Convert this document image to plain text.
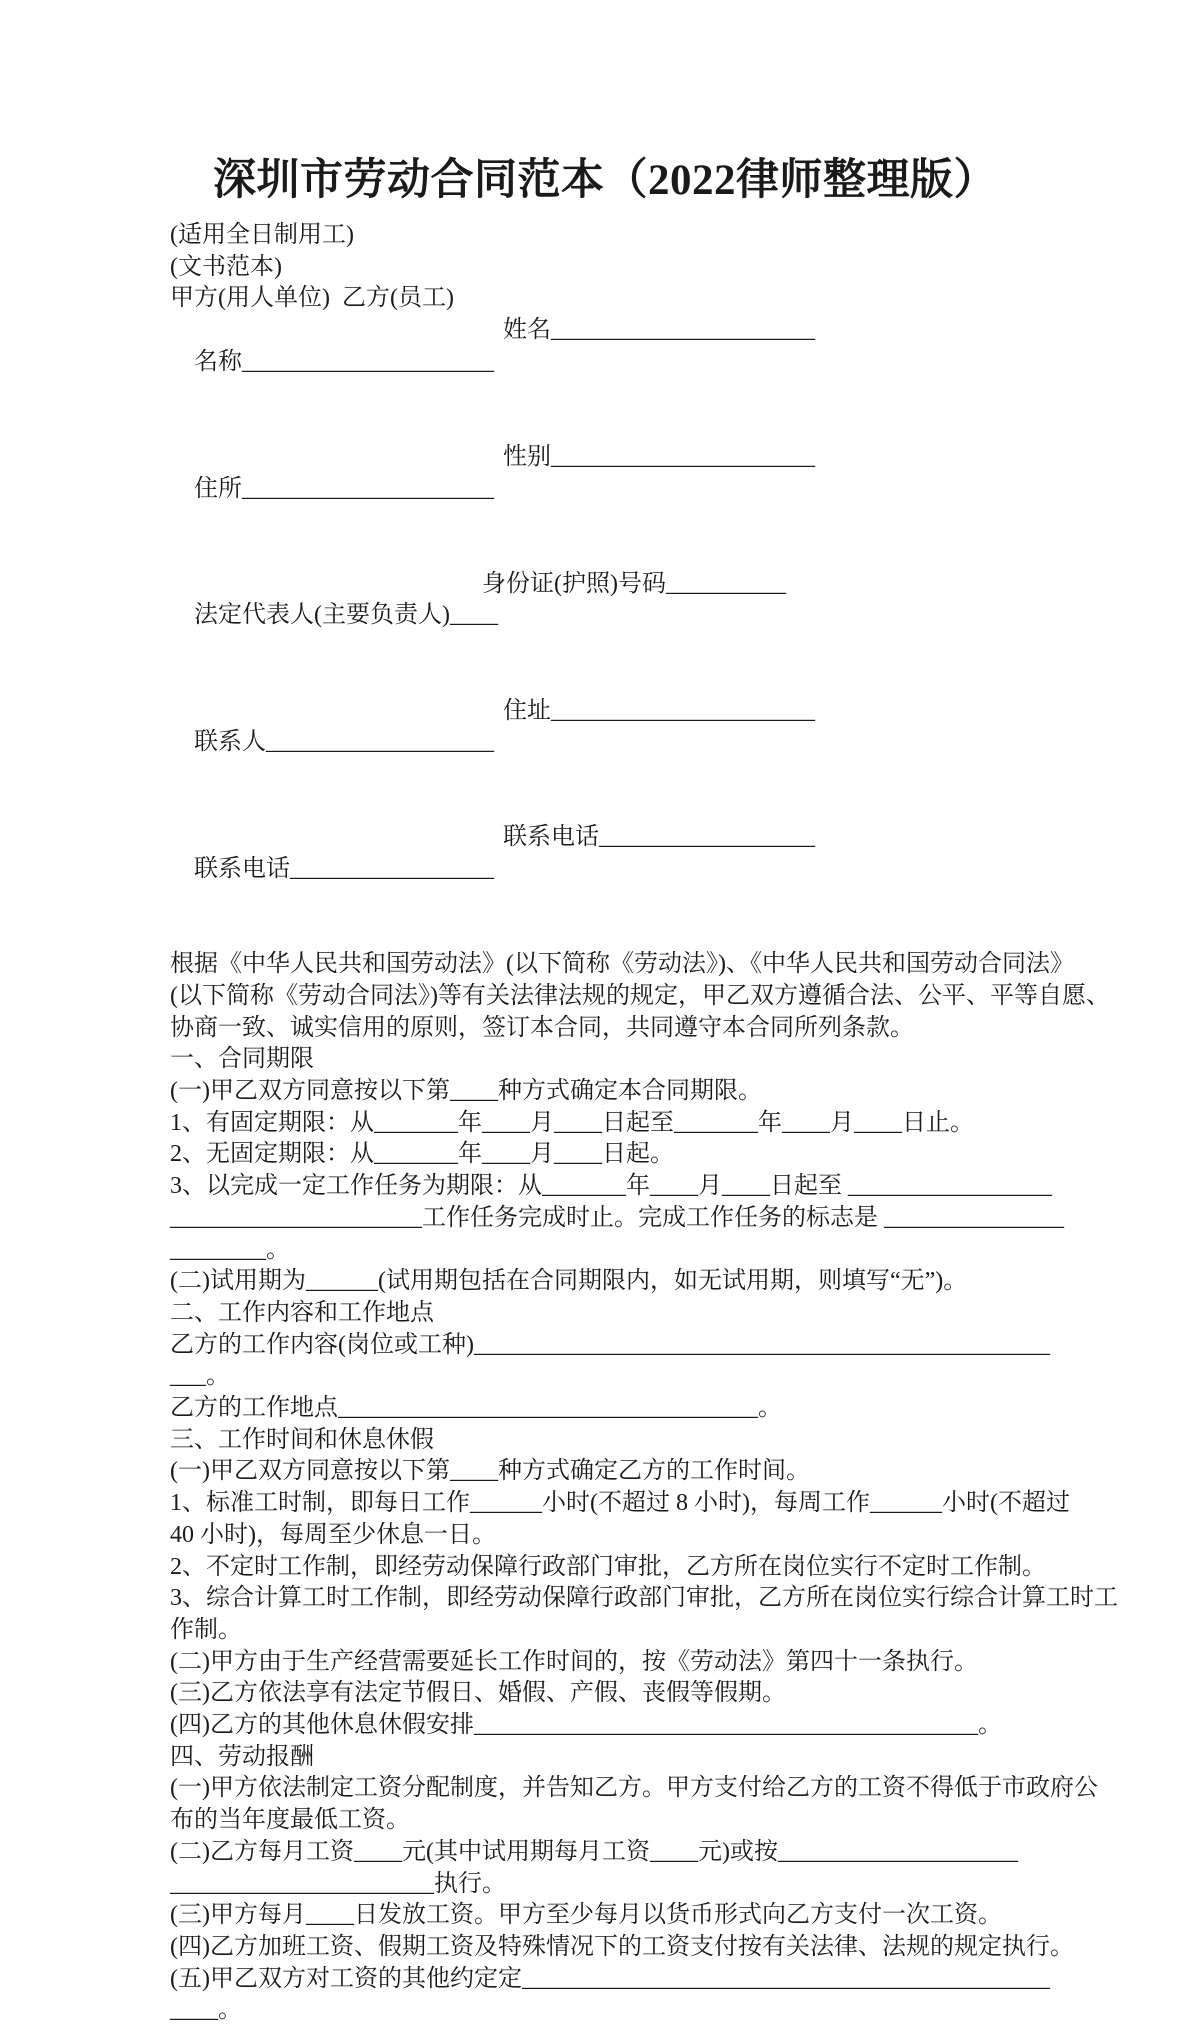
深圳市劳动合同范本（2022律师整理版）

(适用全日制用工)

(文书范本)

甲方(用人单位)  乙方(员工)

名称_____________________

姓名______________________

住所_____________________

性别______________________

法定代表人(主要负责人)____

身份证(护照)号码__________

联系人___________________

住址______________________

联系电话_________________

联系电话__________________

根据《中华人民共和国劳动法》(以下简称《劳动法》)、《中华人民共和国劳动合同法》

(以下简称《劳动合同法》)等有关法律法规的规定，甲乙双方遵循合法、公平、平等自愿、

协商一致、诚实信用的原则，签订本合同，共同遵守本合同所列条款。

一、合同期限

(一)甲乙双方同意按以下第____种方式确定本合同期限。

1、有固定期限：从_______年____月____日起至_______年____月____日止。

2、无固定期限：从_______年____月____日起。

3、以完成一定工作任务为期限：从_______年____月____日起至 _________________

_____________________工作任务完成时止。完成工作任务的标志是 _______________

________。

(二)试用期为______(试用期包括在合同期限内，如无试用期，则填写“无”)。

二、工作内容和工作地点

乙方的工作内容(岗位或工种)________________________________________________

___。

乙方的工作地点___________________________________。

三、工作时间和休息休假

(一)甲乙双方同意按以下第____种方式确定乙方的工作时间。

1、标准工时制，即每日工作______小时(不超过 8 小时)，每周工作______小时(不超过

40 小时)，每周至少休息一日。

2、不定时工作制，即经劳动保障行政部门审批，乙方所在岗位实行不定时工作制。

3、综合计算工时工作制，即经劳动保障行政部门审批，乙方所在岗位实行综合计算工时工

作制。

(二)甲方由于生产经营需要延长工作时间的，按《劳动法》第四十一条执行。

(三)乙方依法享有法定节假日、婚假、产假、丧假等假期。

(四)乙方的其他休息休假安排__________________________________________。

四、劳动报酬

(一)甲方依法制定工资分配制度，并告知乙方。甲方支付给乙方的工资不得低于市政府公

布的当年度最低工资。

(二)乙方每月工资____元(其中试用期每月工资____元)或按____________________

______________________执行。

(三)甲方每月____日发放工资。甲方至少每月以货币形式向乙方支付一次工资。

(四)乙方加班工资、假期工资及特殊情况下的工资支付按有关法律、法规的规定执行。

(五)甲乙双方对工资的其他约定定____________________________________________

____。
